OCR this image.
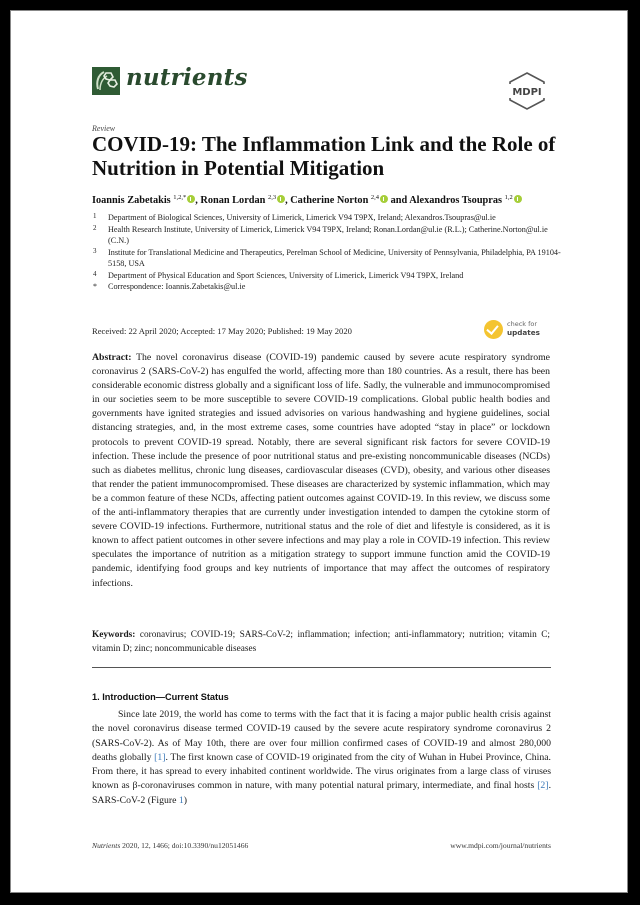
nutrients
MDPI
Review
COVID-19: The Inflammation Link and the Role of Nutrition in Potential Mitigation
Ioannis Zabetakis $^{1,2,*}$ , Ronan Lordan $^{2,3}$ , Catherine Norton $^{2,4}$ and Alexandros Tsoupras $^{1,2}$
1 Department of Biological Sciences, University of Limerick, Limerick V94 T9PX, Ireland; Alexandros.Tsoupras@ul.ie
2 Health Research Institute, University of Limerick, Limerick V94 T9PX, Ireland; Ronan.Lordan@ul.ie (R.L.); Catherine.Norton@ul.ie (C.N.)
3 Institute for Translational Medicine and Therapeutics, Perelman School of Medicine, University of Pennsylvania, Philadelphia, PA 19104-5158, USA
4 Department of Physical Education and Sport Sciences, University of Limerick, Limerick V94 T9PX, Ireland
* Correspondence: Ioannis.Zabetakis@ul.ie
Received: 22 April 2020; Accepted: 17 May 2020; Published: 19 May 2020
check for
updates
Abstract: The novel coronavirus disease (COVID-19) pandemic caused by severe acute respiratory syndrome coronavirus 2 (SARS-CoV-2) has engulfed the world, affecting more than 180 countries. As a result, there has been considerable economic distress globally and a significant loss of life. Sadly, the vulnerable and immunocompromised in our societies seem to be more susceptible to severe COVID-19 complications. Global public health bodies and governments have ignited strategies and issued advisories on various handwashing and hygiene guidelines, social distancing strategies, and, in the most extreme cases, some countries have adopted “stay in place” or lockdown protocols to prevent COVID-19 spread. Notably, there are several significant risk factors for severe COVID-19 infection. These include the presence of poor nutritional status and pre-existing noncommunicable diseases (NCDs) such as diabetes mellitus, chronic lung diseases, cardiovascular diseases (CVD), obesity, and various other diseases that render the patient immunocompromised. These diseases are characterized by systemic inflammation, which may be a common feature of these NCDs, affecting patient outcomes against COVID-19. In this review, we discuss some of the anti-inflammatory therapies that are currently under investigation intended to dampen the cytokine storm of severe COVID-19 infections. Furthermore, nutritional status and the role of diet and lifestyle is considered, as it is known to affect patient outcomes in other severe infections and may play a role in COVID-19 infection. This review speculates the importance of nutrition as a mitigation strategy to support immune function amid the COVID-19 pandemic, identifying food groups and key nutrients of importance that may affect the outcomes of respiratory infections.
Keywords: coronavirus; COVID-19; SARS-CoV-2; inflammation; infection; anti-inflammatory; nutrition; vitamin C; vitamin D; zinc; noncommunicable diseases
1. Introduction—Current Status
Since late 2019, the world has come to terms with the fact that it is facing a major public health crisis against the novel coronavirus disease termed COVID-19 caused by the severe acute respiratory syndrome coronavirus 2 (SARS-CoV-2). As of May 10th, there are over four million confirmed cases of COVID-19 and almost 280,000 deaths globally [1]. The first known case of COVID-19 originated from the city of Wuhan in Hubei Province, China. From there, it has spread to every inhabited continent worldwide. The virus originates from a large class of viruses known as β-coronaviruses common in nature, with many potential natural primary, intermediate, and final hosts [2]. SARS-CoV-2 (Figure 1)
Nutrients 2020, 12, 1466; doi:10.3390/nu12051466	www.mdpi.com/journal/nutrients
